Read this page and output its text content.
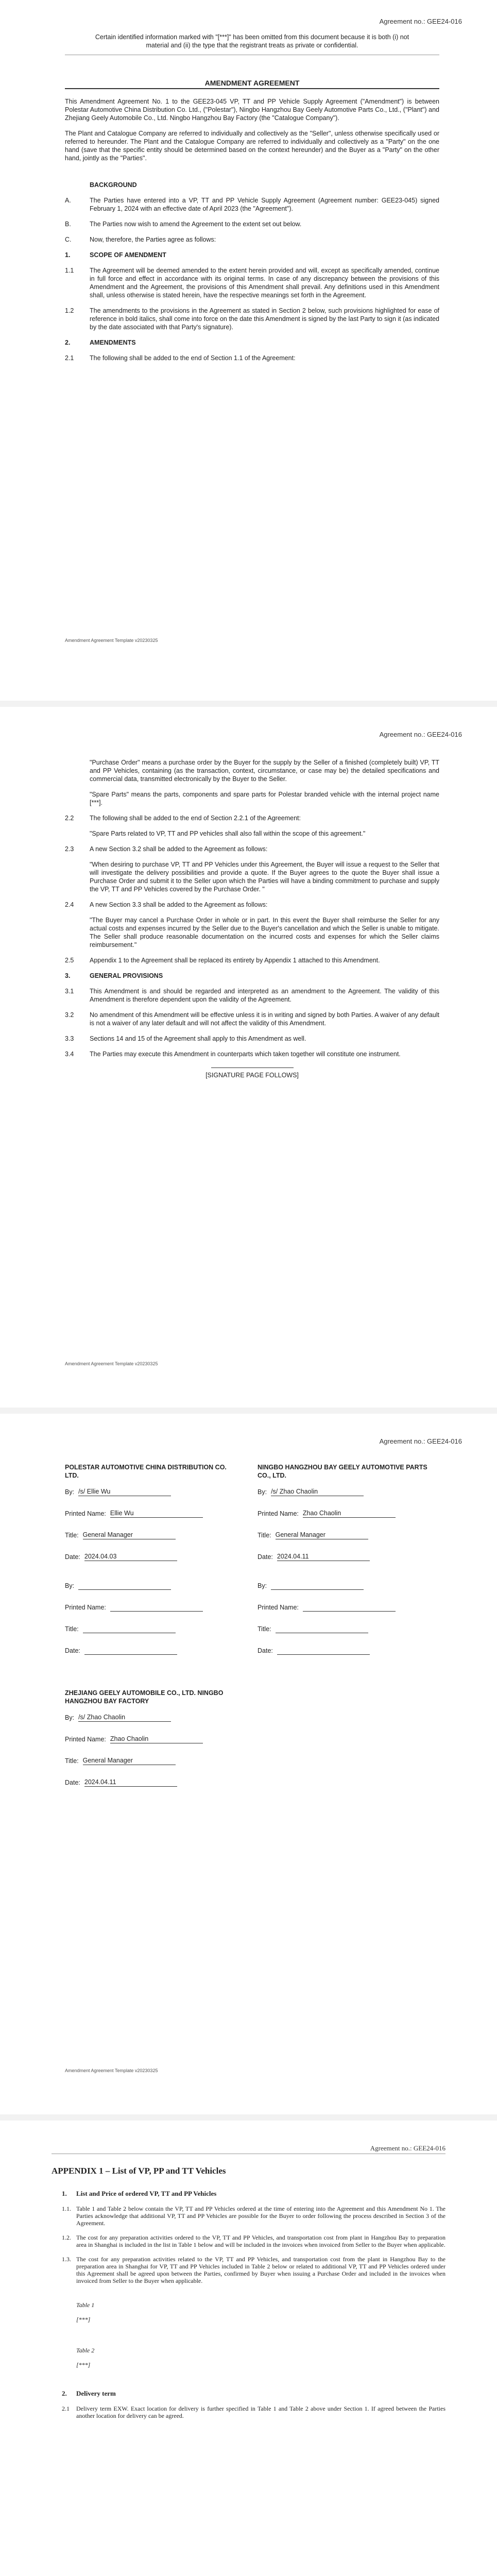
Agreement no.: GEE24-016
Certain identified information marked with "[***]" has been omitted from this document because it is both (i) not material and (ii) the type that the registrant treats as private or confidential.
AMENDMENT AGREEMENT

This Amendment Agreement No. 1 to the GEE23-045 VP, TT and PP Vehicle Supply Agreement ("Amendment") is between Polestar Automotive China Distribution Co. Ltd., ("Polestar"), Ningbo Hangzhou Bay Geely Automotive Parts Co., Ltd., ("Plant") and Zhejiang Geely Automobile Co., Ltd. Ningbo Hangzhou Bay Factory (the "Catalogue Company").

The Plant and Catalogue Company are referred to individually and collectively as the "Seller", unless otherwise specifically used or referred to hereunder. The Plant and the Catalogue Company are referred to individually and collectively as a "Party" on the one hand (save that the specific entity should be determined based on the context hereunder) and the Buyer as a "Party" on the other hand, jointly as the "Parties".

BACKGROUND
A.	The Parties have entered into a VP, TT and PP Vehicle Supply Agreement (Agreement number: GEE23-045) signed February 1, 2024 with an effective date of April 2023 (the "Agreement").
B.	The Parties now wish to amend the Agreement to the extent set out below.
C.	Now, therefore, the Parties agree as follows:
1.	SCOPE OF AMENDMENT
1.1	The Agreement will be deemed amended to the extent herein provided and will, except as specifically amended, continue in full force and effect in accordance with its original terms. In case of any discrepancy between the provisions of this Amendment and the Agreement, the provisions of this Amendment shall prevail. Any definitions used in this Amendment shall, unless otherwise is stated herein, have the respective meanings set forth in the Agreement.
1.2	The amendments to the provisions in the Agreement as stated in Section 2 below, such provisions highlighted for ease of reference in bold italics, shall come into force on the date this Amendment is signed by the last Party to sign it (as indicated by the date associated with that Party's signature).
2.	AMENDMENTS
2.1	The following shall be added to the end of Section 1.1 of the Agreement:
Amendment Agreement Template v20230325
Agreement no.: GEE24-016
"Purchase Order" means a purchase order by the Buyer for the supply by the Seller of a finished (completely built) VP, TT and PP Vehicles, containing (as the transaction, context, circumstance, or case may be) the detailed specifications and commercial data, transmitted electronically by the Buyer to the Seller.
"Spare Parts" means the parts, components and spare parts for Polestar branded vehicle with the internal project name [***].
2.2	The following shall be added to the end of Section 2.2.1 of the Agreement:
"Spare Parts related to VP, TT and PP vehicles shall also fall within the scope of this agreement."
2.3	A new Section 3.2 shall be added to the Agreement as follows:
"When desiring to purchase VP, TT and PP Vehicles under this Agreement, the Buyer will issue a request to the Seller that will investigate the delivery possibilities and provide a quote. If the Buyer agrees to the quote the Buyer shall issue a Purchase Order and submit it to the Seller upon which the Parties will have a binding commitment to purchase and supply the VP, TT and PP Vehicles covered by the Purchase Order. "
2.4	A new Section 3.3 shall be added to the Agreement as follows:
"The Buyer may cancel a Purchase Order in whole or in part. In this event the Buyer shall reimburse the Seller for any actual costs and expenses incurred by the Seller due to the Buyer's cancellation and which the Seller is unable to mitigate. The Seller shall produce reasonable documentation on the incurred costs and expenses for which the Seller claims reimbursement."
2.5	Appendix 1 to the Agreement shall be replaced its entirety by Appendix 1 attached to this Amendment.
3.	GENERAL PROVISIONS
3.1	This Amendment is and should be regarded and interpreted as an amendment to the Agreement. The validity of this Amendment is therefore dependent upon the validity of the Agreement.
3.2	No amendment of this Amendment will be effective unless it is in writing and signed by both Parties. A waiver of any default is not a waiver of any later default and will not affect the validity of this Amendment.
3.3	Sections 14 and 15 of the Agreement shall apply to this Amendment as well.
3.4	The Parties may execute this Amendment in counterparts which taken together will constitute one instrument.
[SIGNATURE PAGE FOLLOWS]
Amendment Agreement Template v20230325
Agreement no.: GEE24-016
POLESTAR AUTOMOTIVE CHINA DISTRIBUTION CO. LTD.
By: /s/ Ellie Wu
Printed Name: Ellie Wu
Title: General Manager
Date: 2024.04.03
By:
Printed Name:
Title:
Date:
NINGBO HANGZHOU BAY GEELY AUTOMOTIVE PARTS CO., LTD.
By: /s/ Zhao Chaolin
Printed Name: Zhao Chaolin
Title: General Manager
Date: 2024.04.11
By:
Printed Name:
Title:
Date:
ZHEJIANG GEELY AUTOMOBILE CO., LTD. NINGBO HANGZHOU BAY FACTORY
By: /s/ Zhao Chaolin
Printed Name: Zhao Chaolin
Title: General Manager
Date: 2024.04.11
Amendment Agreement Template v20230325
Agreement no.: GEE24-016
APPENDIX 1 – List of VP, PP and TT Vehicles
1.	List and Price of ordered VP, TT and PP Vehicles
1.1. Table 1 and Table 2 below contain the VP, TT and PP Vehicles ordered at the time of entering into the Agreement and this Amendment No 1. The Parties acknowledge that additional VP, TT and PP Vehicles are possible for the Buyer to order following the process described in Section 3 of the Agreement.
1.2. The cost for any preparation activities ordered to the VP, TT and PP Vehicles, and transportation cost from plant in Hangzhou Bay to preparation area in Shanghai is included in the list in Table 1 below and will be included in the invoices when invoiced from Seller to the Buyer when applicable.
1.3. The cost for any preparation activities related to the VP, TT and PP Vehicles, and transportation cost from the plant in Hangzhou Bay to the preparation area in Shanghai for VP, TT and PP Vehicles included in Table 2 below or related to additional VP, TT and PP Vehicles ordered under this Agreement shall be agreed upon between the Parties, confirmed by Buyer when issuing a Purchase Order and included in the invoices when invoiced from Seller to the Buyer when applicable.
Table 1
[***]
Table 2
[***]
2.	Delivery term
2.1	Delivery term EXW. Exact location for delivery is further specified in Table 1 and Table 2 above under Section 1. If agreed between the Parties another location for delivery can be agreed.
